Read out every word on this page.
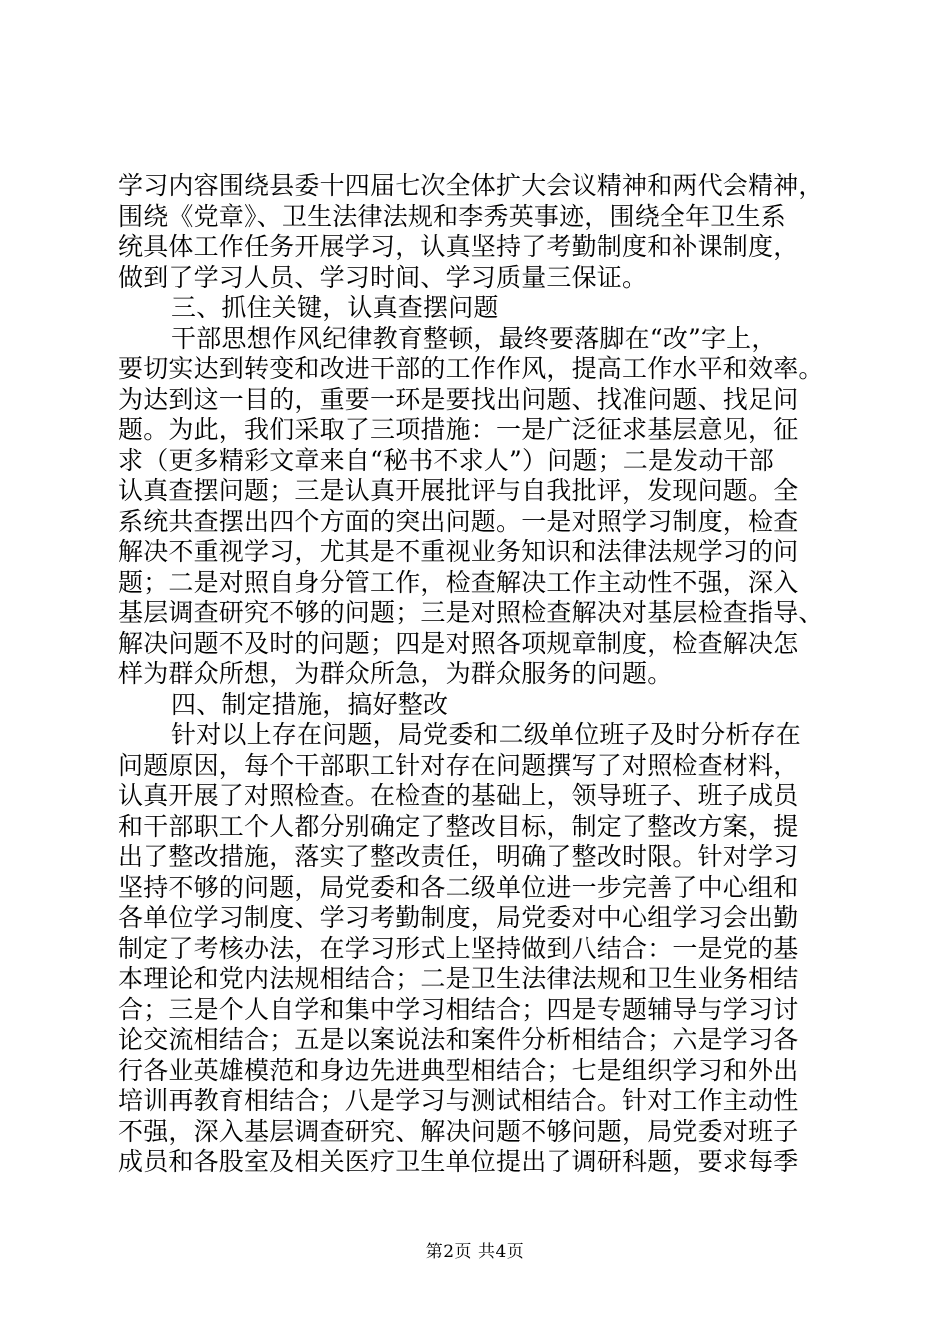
学习内容围绕县委十四届七次全体扩大会议精神和两代会精神，
围绕《党章》、卫生法律法规和李秀英事迹，围绕全年卫生系
统具体工作任务开展学习，认真坚持了考勤制度和补课制度，
做到了学习人员、学习时间、学习质量三保证。
三、抓住关键，认真查摆问题
干部思想作风纪律教育整顿，最终要落脚在“改”字上，
要切实达到转变和改进干部的工作作风，提高工作水平和效率。
为达到这一目的，重要一环是要找出问题、找准问题、找足问
题。为此，我们采取了三项措施：一是广泛征求基层意见，征
求（更多精彩文章来自“秘书不求人”）问题；二是发动干部
认真查摆问题；三是认真开展批评与自我批评，发现问题。全
系统共查摆出四个方面的突出问题。一是对照学习制度，检查
解决不重视学习，尤其是不重视业务知识和法律法规学习的问
题；二是对照自身分管工作，检查解决工作主动性不强，深入
基层调查研究不够的问题；三是对照检查解决对基层检查指导、
解决问题不及时的问题；四是对照各项规章制度，检查解决怎
样为群众所想，为群众所急，为群众服务的问题。
四、制定措施，搞好整改
针对以上存在问题，局党委和二级单位班子及时分析存在
问题原因，每个干部职工针对存在问题撰写了对照检查材料，
认真开展了对照检查。在检查的基础上，领导班子、班子成员
和干部职工个人都分别确定了整改目标，制定了整改方案，提
出了整改措施，落实了整改责任，明确了整改时限。针对学习
坚持不够的问题，局党委和各二级单位进一步完善了中心组和
各单位学习制度、学习考勤制度，局党委对中心组学习会出勤
制定了考核办法，在学习形式上坚持做到八结合：一是党的基
本理论和党内法规相结合；二是卫生法律法规和卫生业务相结
合；三是个人自学和集中学习相结合；四是专题辅导与学习讨
论交流相结合；五是以案说法和案件分析相结合；六是学习各
行各业英雄模范和身边先进典型相结合；七是组织学习和外出
培训再教育相结合；八是学习与测试相结合。针对工作主动性
不强，深入基层调查研究、解决问题不够问题，局党委对班子
成员和各股室及相关医疗卫生单位提出了调研科题，要求每季
第2页 共4页
